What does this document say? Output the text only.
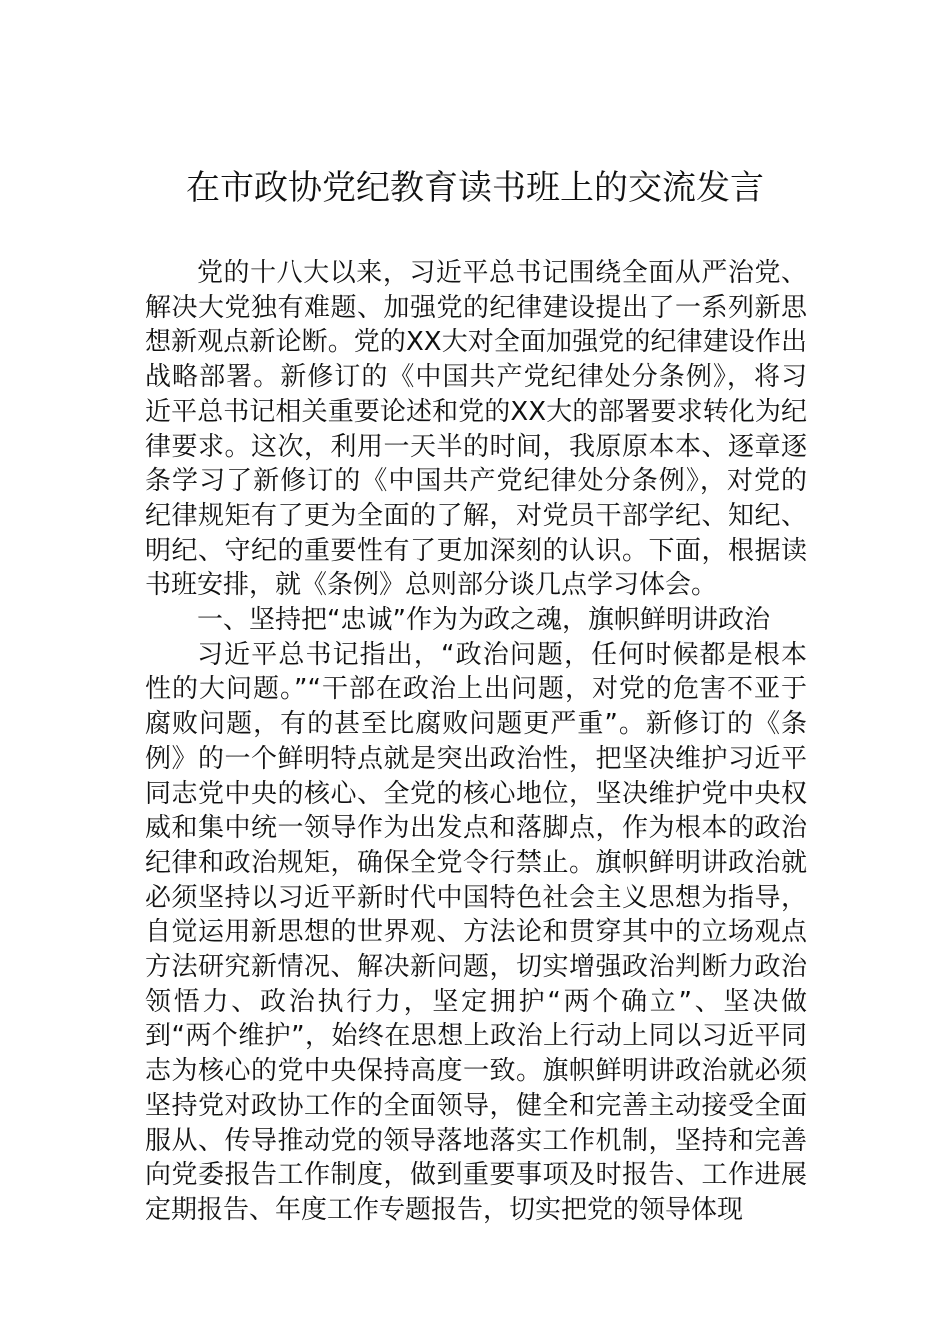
在市政协党纪教育读书班上的交流发言

党的十八大以来，习近平总书记围绕全面从严治党、解决大党独有难题、加强党的纪律建设提出了一系列新思想新观点新论断。党的XX大对全面加强党的纪律建设作出战略部署。新修订的《中国共产党纪律处分条例》，将习近平总书记相关重要论述和党的XX大的部署要求转化为纪律要求。这次，利用一天半的时间，我原原本本、逐章逐条学习了新修订的《中国共产党纪律处分条例》，对党的纪律规矩有了更为全面的了解，对党员干部学纪、知纪、明纪、守纪的重要性有了更加深刻的认识。下面，根据读书班安排，就《条例》总则部分谈几点学习体会。

一、坚持把“忠诚”作为为政之魂，旗帜鲜明讲政治

习近平总书记指出，“政治问题，任何时候都是根本性的大问题。”“干部在政治上出问题，对党的危害不亚于腐败问题，有的甚至比腐败问题更严重”。新修订的《条例》的一个鲜明特点就是突出政治性，把坚决维护习近平同志党中央的核心、全党的核心地位，坚决维护党中央权威和集中统一领导作为出发点和落脚点，作为根本的政治纪律和政治规矩，确保全党令行禁止。旗帜鲜明讲政治就必须坚持以习近平新时代中国特色社会主义思想为指导，自觉运用新思想的世界观、方法论和贯穿其中的立场观点方法研究新情况、解决新问题，切实增强政治判断力政治领悟力、政治执行力，坚定拥护“两个确立”、坚决做到“两个维护”，始终在思想上政治上行动上同以习近平同志为核心的党中央保持高度一致。旗帜鲜明讲政治就必须坚持党对政协工作的全面领导，健全和完善主动接受全面服从、传导推动党的领导落地落实工作机制，坚持和完善向党委报告工作制度，做到重要事项及时报告、工作进展定期报告、年度工作专题报告，切实把党的领导体现
